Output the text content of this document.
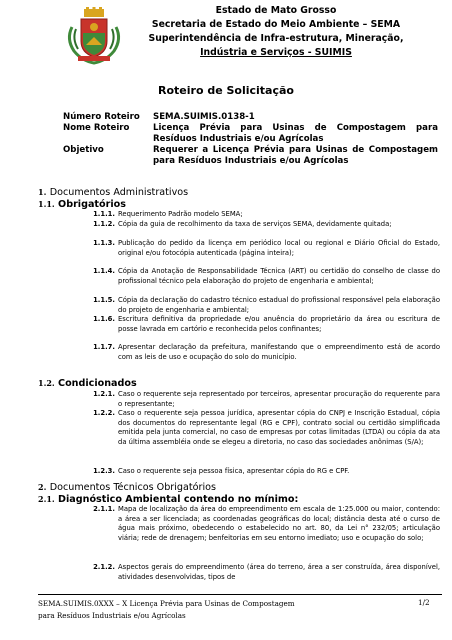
Estado de Mato Grosso
Secretaria de Estado do Meio Ambiente – SEMA
Superintendência de Infra-estrutura, Mineração,
Indústria e Serviços - SUIMIS
Roteiro de Solicitação
Número Roteiro SEMA.SUIMIS.0138-1
Nome Roteiro	Licença Prévia para Usinas de Compostagem para Resíduos Industriais e/ou Agrícolas
Objetivo	Requerer a Licença Prévia para Usinas de Compostagem para Resíduos Industriais e/ou Agrícolas
1. Documentos Administrativos
1.1. Obrigatórios
1.1.1. Requerimento Padrão modelo SEMA;
1.1.2. Cópia da guia de recolhimento da taxa de serviços SEMA, devidamente quitada;
1.1.3. Publicação do pedido da licença em periódico local ou regional e Diário Oficial do Estado, original e/ou fotocópia autenticada (página inteira);
1.1.4. Cópia da Anotação de Responsabilidade Técnica (ART) ou certidão do conselho de classe do profissional técnico pela elaboração do projeto de engenharia e ambiental;
1.1.5. Cópia da declaração do cadastro técnico estadual do profissional responsável pela elaboração do projeto de engenharia e ambiental;
1.1.6. Escritura definitiva da propriedade e/ou anuência do proprietário da área ou escritura de posse lavrada em cartório e reconhecida pelos confinantes;
1.1.7. Apresentar declaração da prefeitura, manifestando que o empreendimento está de acordo com as leis de uso e ocupação do solo do município.
1.2. Condicionados
1.2.1. Caso o requerente seja representado por terceiros, apresentar procuração do requerente para o representante;
1.2.2. Caso o requerente seja pessoa jurídica, apresentar cópia do CNPJ e Inscrição Estadual, cópia dos documentos do representante legal (RG e CPF), contrato social ou certidão simplificada emitida pela junta comercial, no caso de empresas por cotas limitadas (LTDA) ou cópia da ata da última assembléia onde se elegeu a diretoria, no caso das sociedades anônimas (S/A);
1.2.3. Caso o requerente seja pessoa física, apresentar cópia do RG e CPF.
2. Documentos Técnicos Obrigatórios
2.1. Diagnóstico Ambiental contendo no mínimo:
2.1.1. Mapa de localização da área do empreendimento em escala de 1:25.000 ou maior, contendo: a área a ser licenciada; as coordenadas geográficas do local; distância desta até o curso de água mais próximo, obedecendo o estabelecido no art. 80, da Lei n° 232/05; articulação viária; rede de drenagem; benfeitorias em seu entorno imediato; uso e ocupação do solo;
2.1.2. Aspectos gerais do empreendimento (área do terreno, área a ser construída, área disponível, atividades desenvolvidas, tipos de
SEMA.SUIMIS.0XXX – X Licença Prévia para Usinas de Compostagem
para Resíduos Industriais e/ou Agrícolas
1/2
